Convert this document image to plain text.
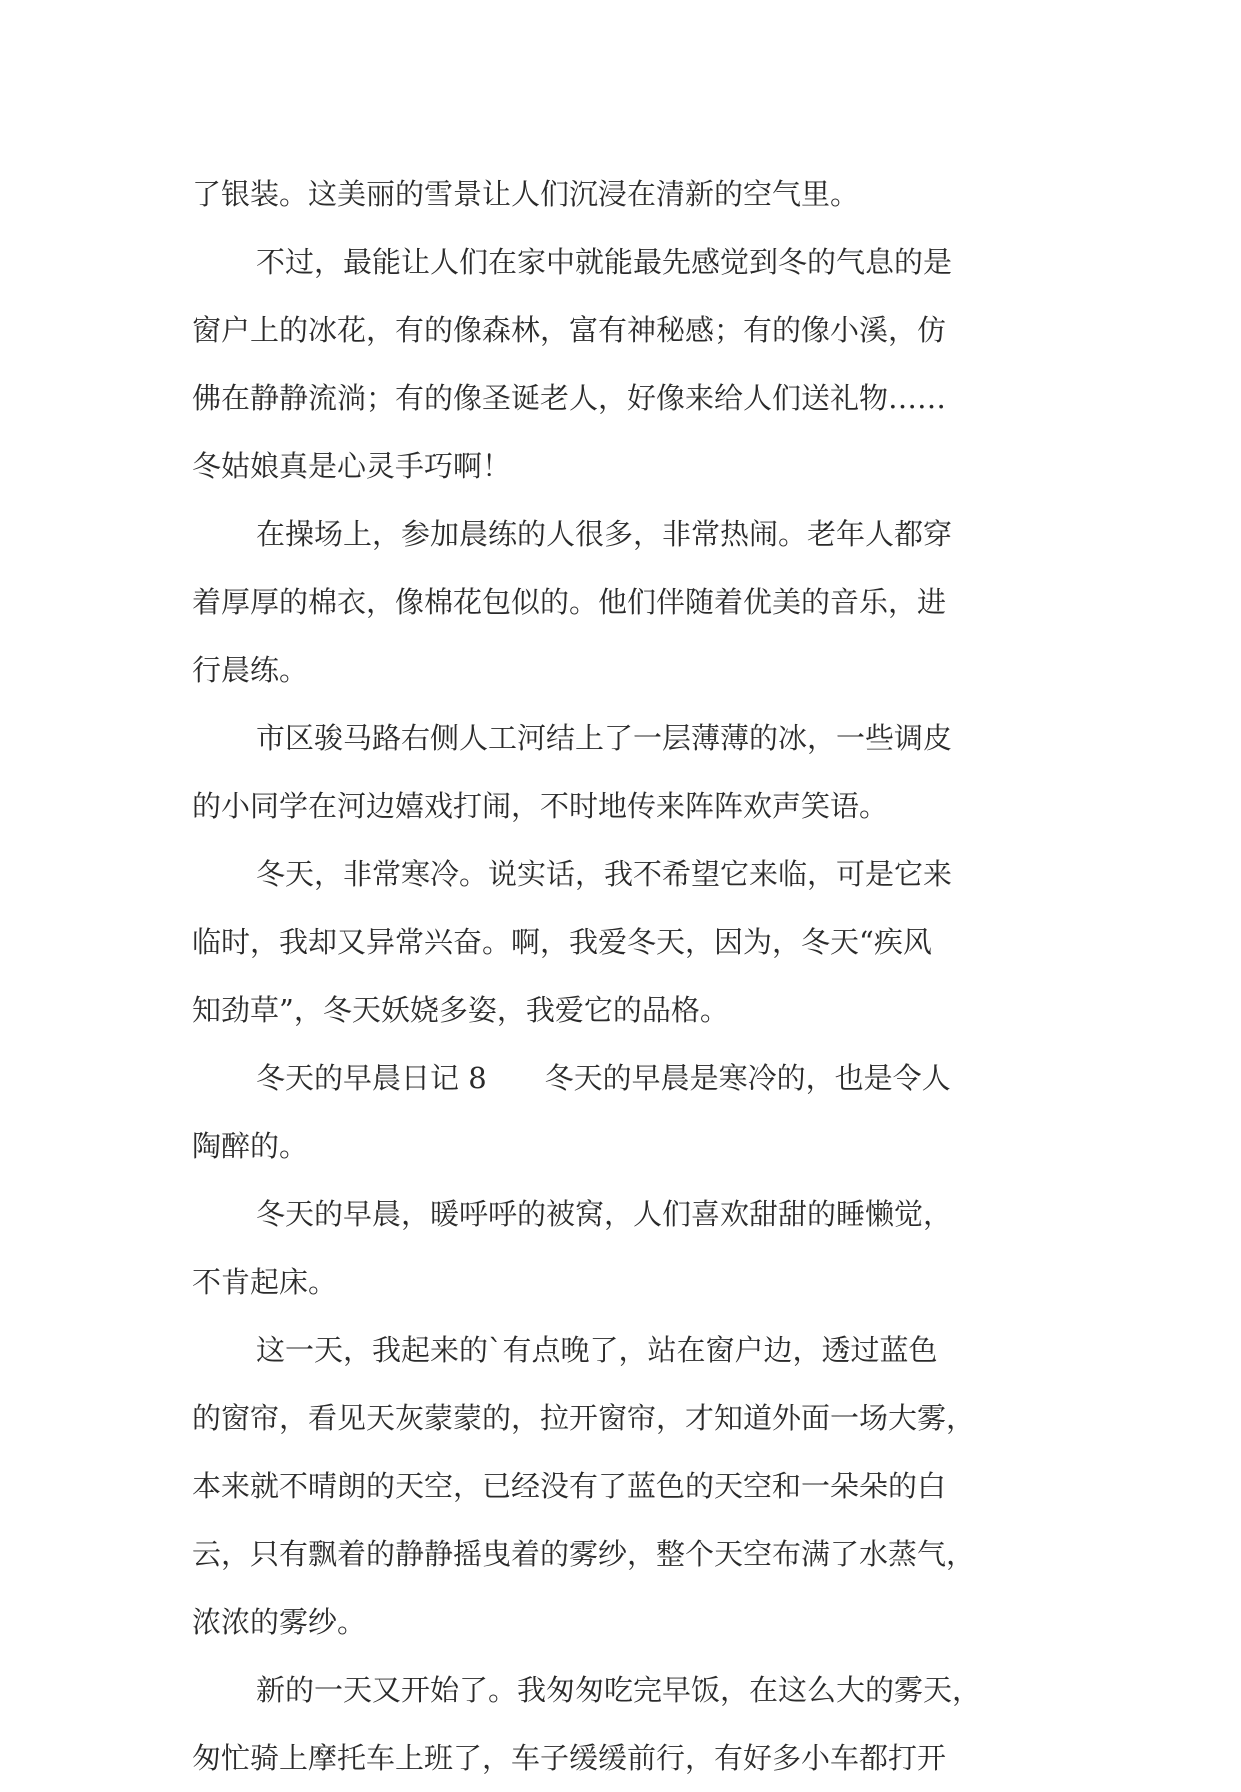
了银装。这美丽的雪景让人们沉浸在清新的空气里。
不过，最能让人们在家中就能最先感觉到冬的气息的是
窗户上的冰花，有的像森林，富有神秘感；有的像小溪，仿
佛在静静流淌；有的像圣诞老人，好像来给人们送礼物……
冬姑娘真是心灵手巧啊！
在操场上，参加晨练的人很多，非常热闹。老年人都穿
着厚厚的棉衣，像棉花包似的。他们伴随着优美的音乐，进
行晨练。
市区骏马路右侧人工河结上了一层薄薄的冰，一些调皮
的小同学在河边嬉戏打闹，不时地传来阵阵欢声笑语。
冬天，非常寒冷。说实话，我不希望它来临，可是它来
临时，我却又异常兴奋。啊，我爱冬天，因为，冬天“疾风
知劲草”，冬天妖娆多姿，我爱它的品格。
冬天的早晨日记 8　　冬天的早晨是寒冷的，也是令人
陶醉的。
冬天的早晨，暖呼呼的被窝，人们喜欢甜甜的睡懒觉，
不肯起床。
这一天，我起来的`有点晚了，站在窗户边，透过蓝色
的窗帘，看见天灰蒙蒙的，拉开窗帘，才知道外面一场大雾，
本来就不晴朗的天空，已经没有了蓝色的天空和一朵朵的白
云，只有飘着的静静摇曳着的雾纱，整个天空布满了水蒸气，
浓浓的雾纱。
新的一天又开始了。我匆匆吃完早饭，在这么大的雾天，
匆忙骑上摩托车上班了，车子缓缓前行，有好多小车都打开
